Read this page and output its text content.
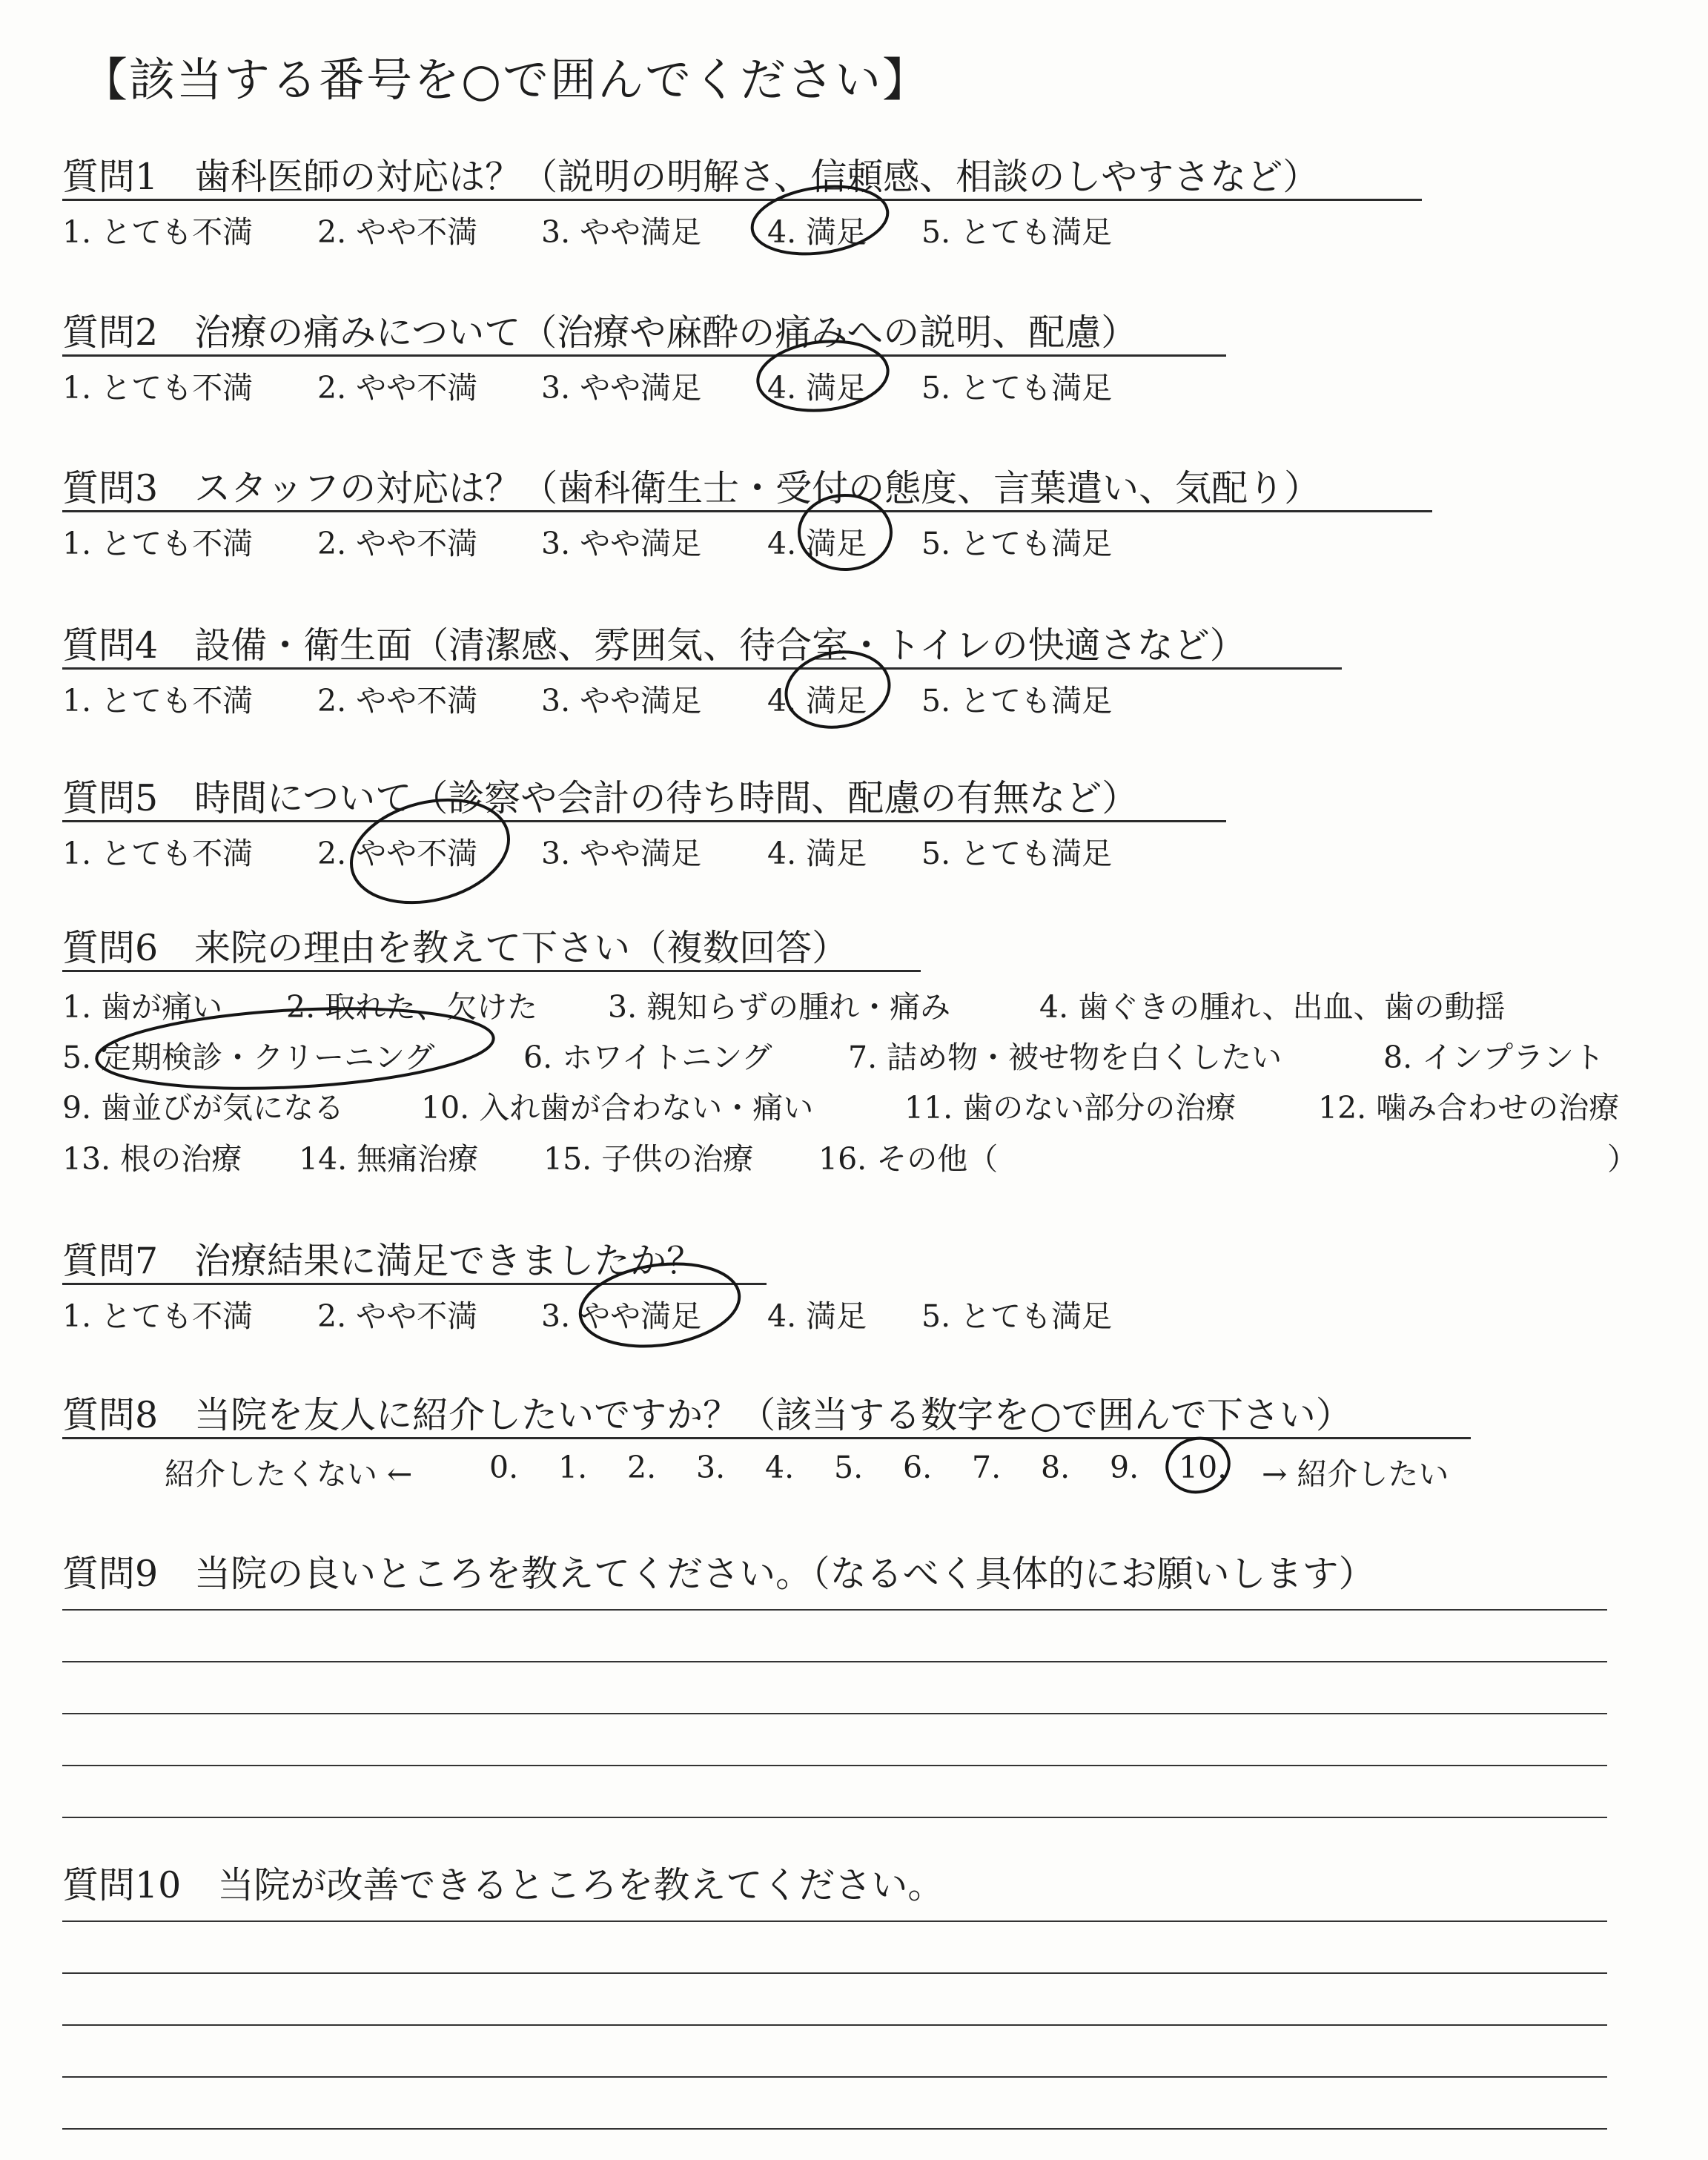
【該当する番号を○で囲んでください】
質問1　歯科医師の対応は？（説明の明解さ、信頼感、相談のしやすさなど）
1. とても不満 2. やや不満 3. やや満足 4. 満足 5. とても満足
質問2　治療の痛みについて（治療や麻酔の痛みへの説明、配慮）
1. とても不満 2. やや不満 3. やや満足 4. 満足 5. とても満足
質問3　スタッフの対応は？（歯科衛生士・受付の態度、言葉遣い、気配り）
1. とても不満 2. やや不満 3. やや満足 4. 満足 5. とても満足
質問4　設備・衛生面（清潔感、雰囲気、待合室・トイレの快適さなど）
1. とても不満 2. やや不満 3. やや満足 4. 満足 5. とても満足
質問5　時間について（診察や会計の待ち時間、配慮の有無など）
1. とても不満 2. やや不満 3. やや満足 4. 満足 5. とても満足
質問6　来院の理由を教えて下さい（複数回答）
1. 歯が痛い 2. 取れた、欠けた 3. 親知らずの腫れ・痛み	4. 歯ぐきの腫れ、出血、歯の動揺
5. 定期検診・クリーニング	6. ホワイトニング	7. 詰め物・被せ物を白くしたい	8. インプラント
9. 歯並びが気になる	10. 入れ歯が合わない・痛い	11. 歯のない部分の治療	12. 噛み合わせの治療
13. 根の治療 14. 無痛治療 15. 子供の治療 16. その他（	）
質問7　治療結果に満足できましたか？
1. とても不満 2. やや不満 3. やや満足 4. 満足 5. とても満足
質問8　当院を友人に紹介したいですか？（該当する数字を○で囲んで下さい）
紹介したくない ←	0. 1. 2. 3. 4. 5. 6. 7. 8. 9. 10. → 紹介したい
質問9　当院の良いところを教えてください。（なるべく具体的にお願いします）
質問10　当院が改善できるところを教えてください。
